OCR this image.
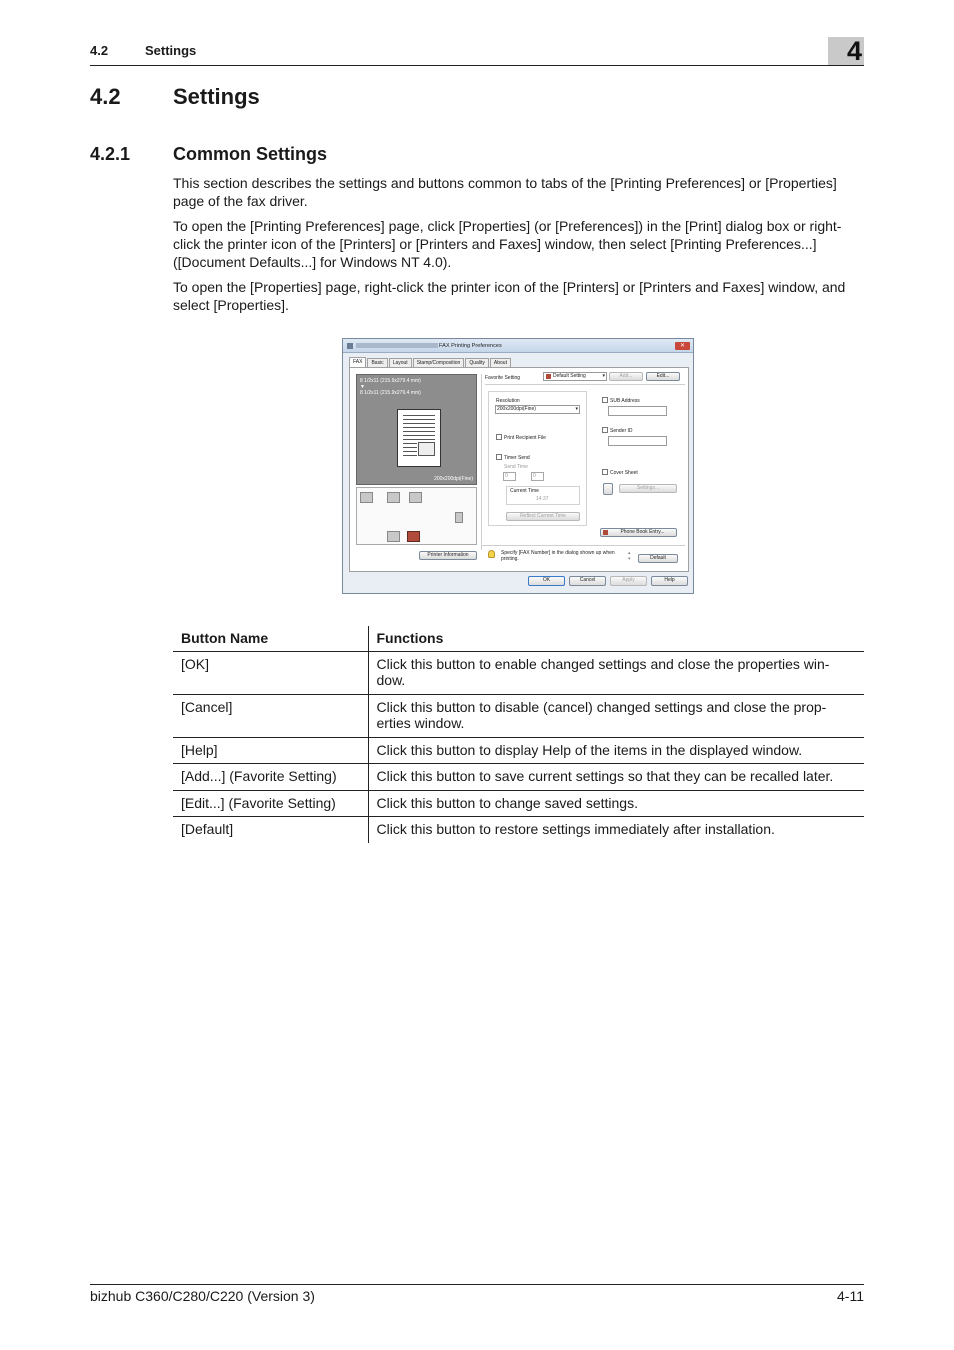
4.2	Settings	4
4.2 Settings
4.2.1 Common Settings

This section describes the settings and buttons common to tabs of the [Printing Preferences] or [Properties] page of the fax driver.

To open the [Printing Preferences] page, click [Properties] (or [Preferences]) in the [Print] dialog box or right-click the printer icon of the [Printers] or [Printers and Faxes] window, then select [Printing Preferences...] ([Document Defaults...] for Windows NT 4.0).

To open the [Properties] page, right-click the printer icon of the [Printers] or [Printers and Faxes] window, and select [Properties].

FAX Printing Preferences	✕
FAX	Basic	Layout	Stamp/Composition	Quality	About
8 1/2x11 (215.9x279.4 mm)
▼
8 1/2x11 (215.9x279.4 mm)
200x200dpi(Fine)
Printer Information
Favorite Setting	Default Setting	▾	Add...	Edit...
Resolution
200x200dpi(Fine)	▾
Print Recipient File
Timer Send
Send Time
0	0
Current Time
14:37
Reflect Current Time
SUB Address
Sender ID
Cover Sheet
Settings...
Phone Book Entry...
Specify [FAX Number] in the dialog shown up when printing.
▴
▾	Default
OK	Cancel	Apply	Help
Button Name	Functions
[OK]	Click this button to enable changed settings and close the properties win-dow.
[Cancel]	Click this button to disable (cancel) changed settings and close the prop-erties window.
[Help]	Click this button to display Help of the items in the displayed window.
[Add...] (Favorite Setting)	Click this button to save current settings so that they can be recalled later.
[Edit...] (Favorite Setting)	Click this button to change saved settings.
[Default]	Click this button to restore settings immediately after installation.
bizhub C360/C280/C220 (Version 3)	4-11
